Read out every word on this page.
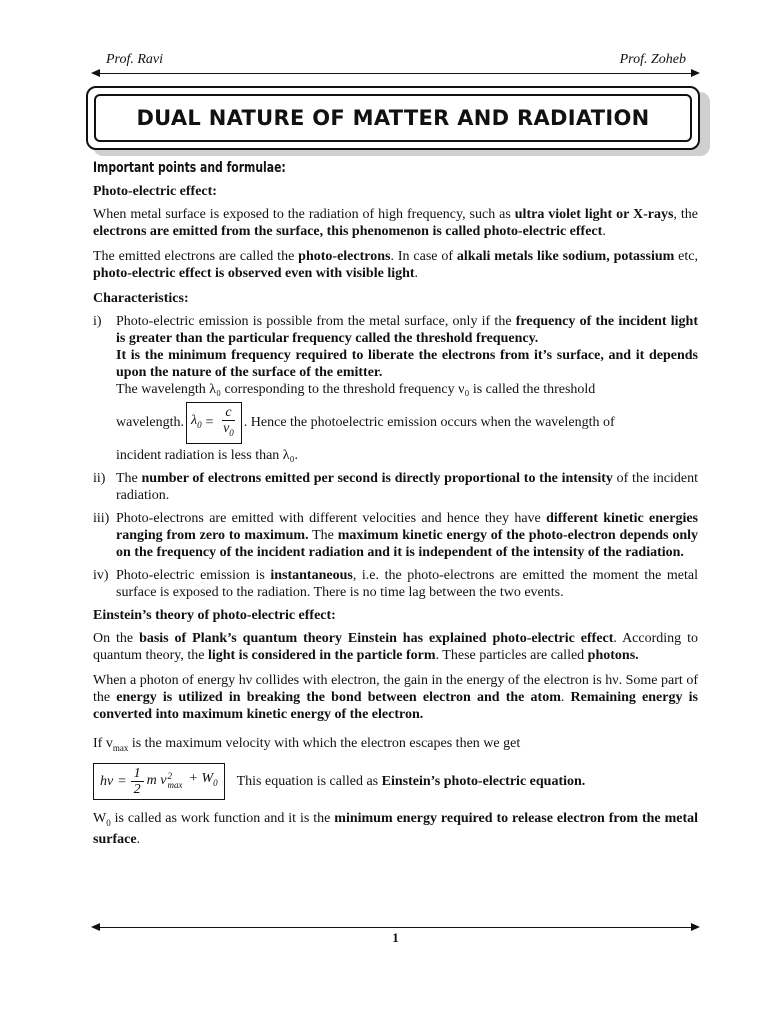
Prof. Ravi	Prof. Zoheb
DUAL NATURE OF MATTER AND RADIATION
Important points and formulae:
Photo-electric effect:

When metal surface is exposed to the radiation of high frequency, such as ultra violet light or X-rays, the electrons are emitted from the surface, this phenomenon is called photo-electric effect.

The emitted electrons are called the photo-electrons. In case of alkali metals like sodium, potassium etc, photo-electric effect is observed even with visible light.

Characteristics:
i)	Photo-electric emission is possible from the metal surface, only if the frequency of the incident light is greater than the particular frequency called the threshold frequency.
It is the minimum frequency required to liberate the electrons from it’s surface, and it depends upon the nature of the surface of the emitter.
The wavelength λ₀ corresponding to the threshold frequency ν₀ is called the threshold
wavelength. $\lambda_0 = \frac{c}{\nu_0}$ . Hence the photoelectric emission occurs when the wavelength of
incident radiation is less than λ₀.
ii) The number of electrons emitted per second is directly proportional to the intensity of the incident radiation.
iii) Photo-electrons are emitted with different velocities and hence they have different kinetic energies ranging from zero to maximum. The maximum kinetic energy of the photo-electron depends only on the frequency of the incident radiation and it is independent of the intensity of the radiation.
iv) Photo-electric emission is instantaneous, i.e. the photo-electrons are emitted the moment the metal surface is exposed to the radiation. There is no time lag between the two events.
Einstein’s theory of photo-electric effect:

On the basis of Plank’s quantum theory Einstein has explained photo-electric effect. According to quantum theory, the light is considered in the particle form. These particles are called photons.

When a photon of energy hν collides with electron, the gain in the energy of the electron is hν. Some part of the energy is utilized in breaking the bond between electron and the atom. Remaining energy is converted into maximum kinetic energy of the electron.

If $v_{max}$ is the maximum velocity with which the electron escapes then we get

$h\nu = \frac{1}{2}$ m v 2
$\max + W_0$ This equation is called as Einstein’s photo-electric equation.

$W_0$ is called as work function and it is the minimum energy required to release electron from the metal surface.

1
